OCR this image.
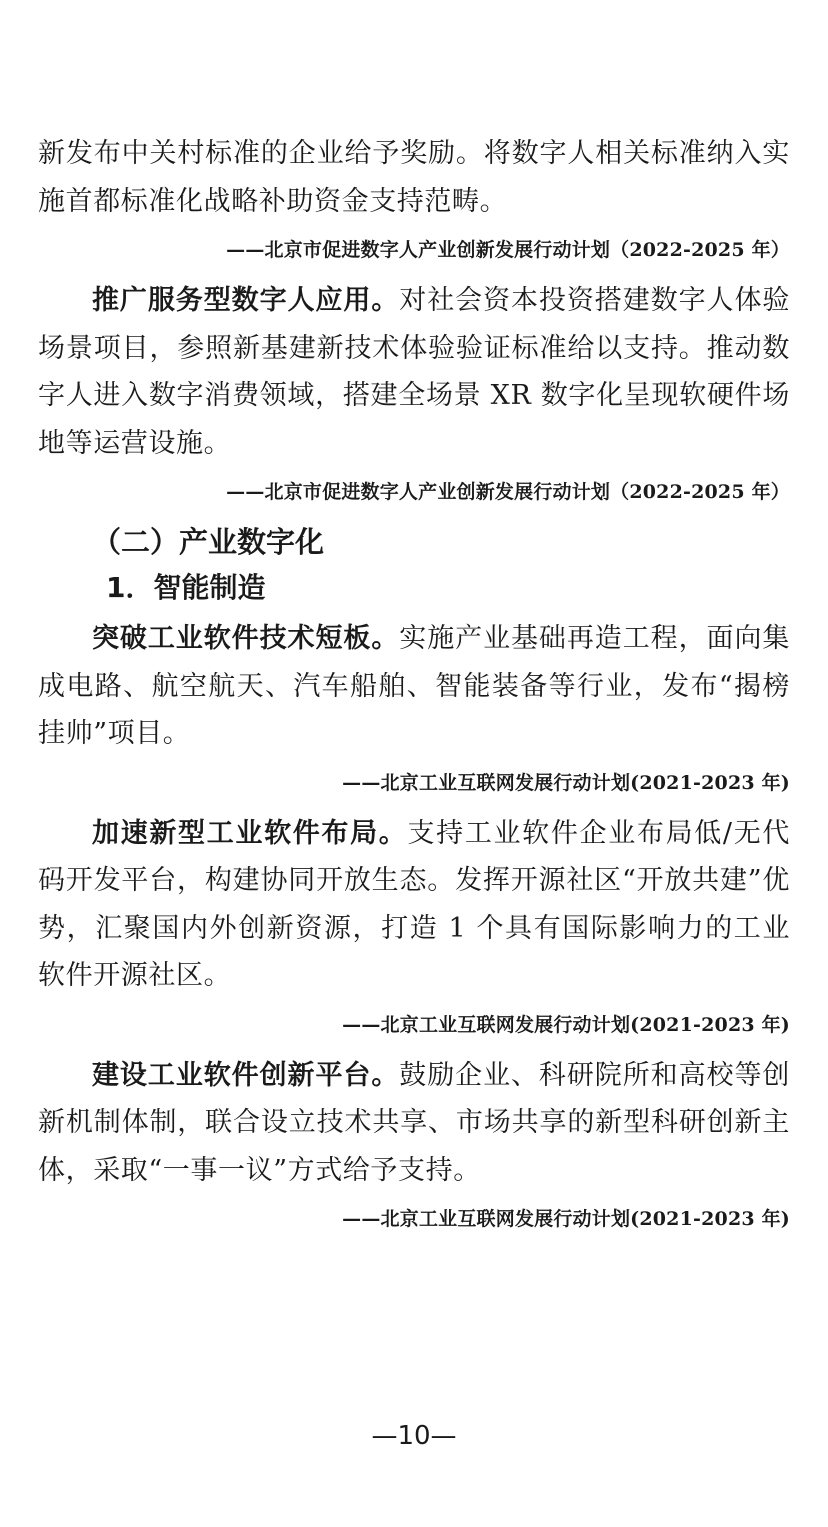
新发布中关村标准的企业给予奖励。将数字人相关标准纳入实施首都标准化战略补助资金支持范畴。

——北京市促进数字人产业创新发展行动计划（2022-2025 年）

推广服务型数字人应用。对社会资本投资搭建数字人体验场景项目，参照新基建新技术体验验证标准给以支持。推动数字人进入数字消费领域，搭建全场景 XR 数字化呈现软硬件场地等运营设施。

——北京市促进数字人产业创新发展行动计划（2022-2025 年）
（二）产业数字化
1．智能制造

突破工业软件技术短板。实施产业基础再造工程，面向集成电路、航空航天、汽车船舶、智能装备等行业，发布“揭榜挂帅”项目。

——北京工业互联网发展行动计划(2021-2023 年)

加速新型工业软件布局。支持工业软件企业布局低/无代码开发平台，构建协同开放生态。发挥开源社区“开放共建”优势，汇聚国内外创新资源，打造 1 个具有国际影响力的工业软件开源社区。

——北京工业互联网发展行动计划(2021-2023 年)

建设工业软件创新平台。鼓励企业、科研院所和高校等创新机制体制，联合设立技术共享、市场共享的新型科研创新主体，采取“一事一议”方式给予支持。

——北京工业互联网发展行动计划(2021-2023 年)
—10—
